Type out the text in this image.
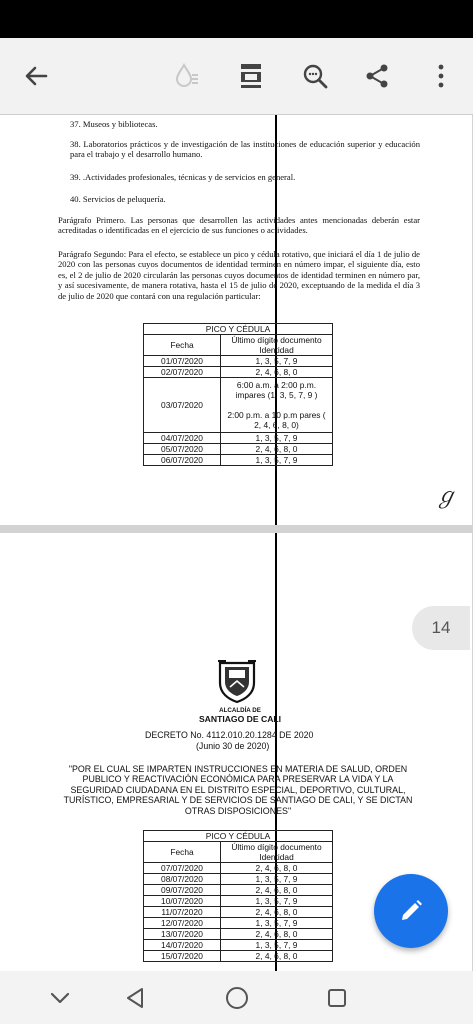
37. Museos y bibliotecas.

38. Laboratorios prácticos y de investigación de las instituciones de educación superior y educación para el trabajo y el desarrollo humano.

39. .Actividades profesionales, técnicas y de servicios en general.

40. Servicios de peluquería.

Parágrafo Primero. Las personas que desarrollen las actividades antes mencionadas deberán estar acreditadas o identificadas en el ejercicio de sus funciones o actividades.

Parágrafo Segundo: Para el efecto, se establece un pico y cédula rotativo, que iniciará el día 1 de julio de 2020 con las personas cuyos documentos de identidad terminen en número impar, el siguiente día, esto es, el 2 de julio de 2020 circularán las personas cuyos documentos de identidad terminen en número par, y así sucesivamente, de manera rotativa, hasta el 15 de julio de 2020, exceptuando de la medida el día 3 de julio de 2020 que contará con una regulación particular:

PICO Y CÉDULA	
Fecha	Último dígito documento Identidad
01/07/2020	1, 3, 5, 7, 9
02/07/2020	2, 4, 6, 8, 0
03/07/2020	6:00 a.m. a 2:00 p.m. impares (1, 3, 5, 7, 9 )

2:00 p.m. a 10 p.m pares ( 2, 4, 6, 8, 0)
04/07/2020	1, 3, 5, 7, 9
05/07/2020	2, 4, 6, 8, 0
06/07/2020	1, 3, 5, 7, 9
ℊ
ALCALDÍA DE
SANTIAGO DE CALI
DECRETO No. 4112.010.20.1284 DE 2020
(Junio 30 de 2020)
"POR EL CUAL SE IMPARTEN INSTRUCCIONES EN MATERIA DE SALUD, ORDEN PUBLICO Y REACTIVACIÓN ECONÓMICA PARA PRESERVAR LA VIDA Y LA SEGURIDAD CIUDADANA EN EL DISTRITO ESPECIAL, DEPORTIVO, CULTURAL, TURÍSTICO, EMPRESARIAL Y DE SERVICIOS DE SANTIAGO DE CALI, Y SE DICTAN OTRAS DISPOSICIONES"
PICO Y CÉDULA	
Fecha	Último dígito documento Identidad
07/07/2020	2, 4, 6, 8, 0
08/07/2020	1, 3, 5, 7, 9
09/07/2020	2, 4, 6, 8, 0
10/07/2020	1, 3, 5, 7, 9
11/07/2020	2, 4, 6, 8, 0
12/07/2020	1, 3, 5, 7, 9
13/07/2020	2, 4, 6, 8, 0
14/07/2020	1, 3, 5, 7, 9
15/07/2020	2, 4, 6, 8, 0

14
